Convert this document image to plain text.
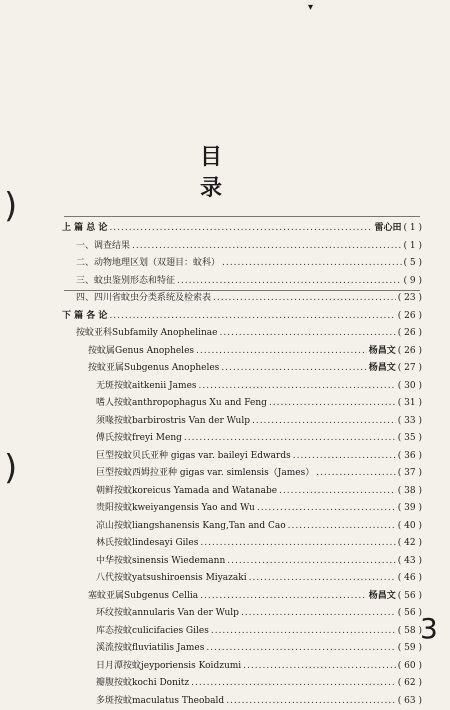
▾
目 录
上 篇 总 论 .....	雷心田 ( 1 )
一、调查结果 .....	( 1 )
二、动物地理区划（双翅目：蚊科） .....	( 5 )
三、蚊虫鉴别形态和特征 .....	( 9 )
四、四川省蚊虫分类系统及检索表 .....	( 23 )
下 篇 各 论 .....	( 26 )
按蚊亚科Subfamily Anophelinae .....	( 26 )
按蚊属Genus Anopheles .....	杨昌文 ( 26 )
按蚊亚属Subgenus Anopheles .....	杨昌文 ( 27 )
无斑按蚊aitkenii James .....	( 30 )
嗜人按蚊anthropophagus Xu and Feng .....	( 31 )
须喙按蚊barbirostris Van der Wulp .....	( 33 )
傅氏按蚊freyi Meng .....	( 35 )
巨型按蚊贝氏亚种 gigas var. baileyi Edwards .....	( 36 )
巨型按蚊西姆拉亚种 gigas var. simlensis（James） .....	( 37 )
朝鲜按蚊koreicus Yamada and Watanabe .....	( 38 )
贵阳按蚊kweiyangensis Yao and Wu .....	( 39 )
凉山按蚊liangshanensis Kang,Tan and Cao .....	( 40 )
林氏按蚊lindesayi Giles .....	( 42 )
中华按蚊sinensis Wiedemann .....	( 43 )
八代按蚊yatsushiroensis Miyazaki .....	( 46 )
塞蚊亚属Subgenus Cellia .....	杨昌文 ( 56 )
环纹按蚊annularis Van der Wulp .....	( 56 )
库态按蚊culicifacies Giles .....	( 58 )
溪流按蚊fluviatilis James .....	( 59 )
日月潭按蚊jeyporiensis Koidzumi .....	( 60 )
瓣腹按蚊kochi Donitz .....	( 62 )
多斑按蚊maculatus Theobald .....	( 63 )
)
)
3
